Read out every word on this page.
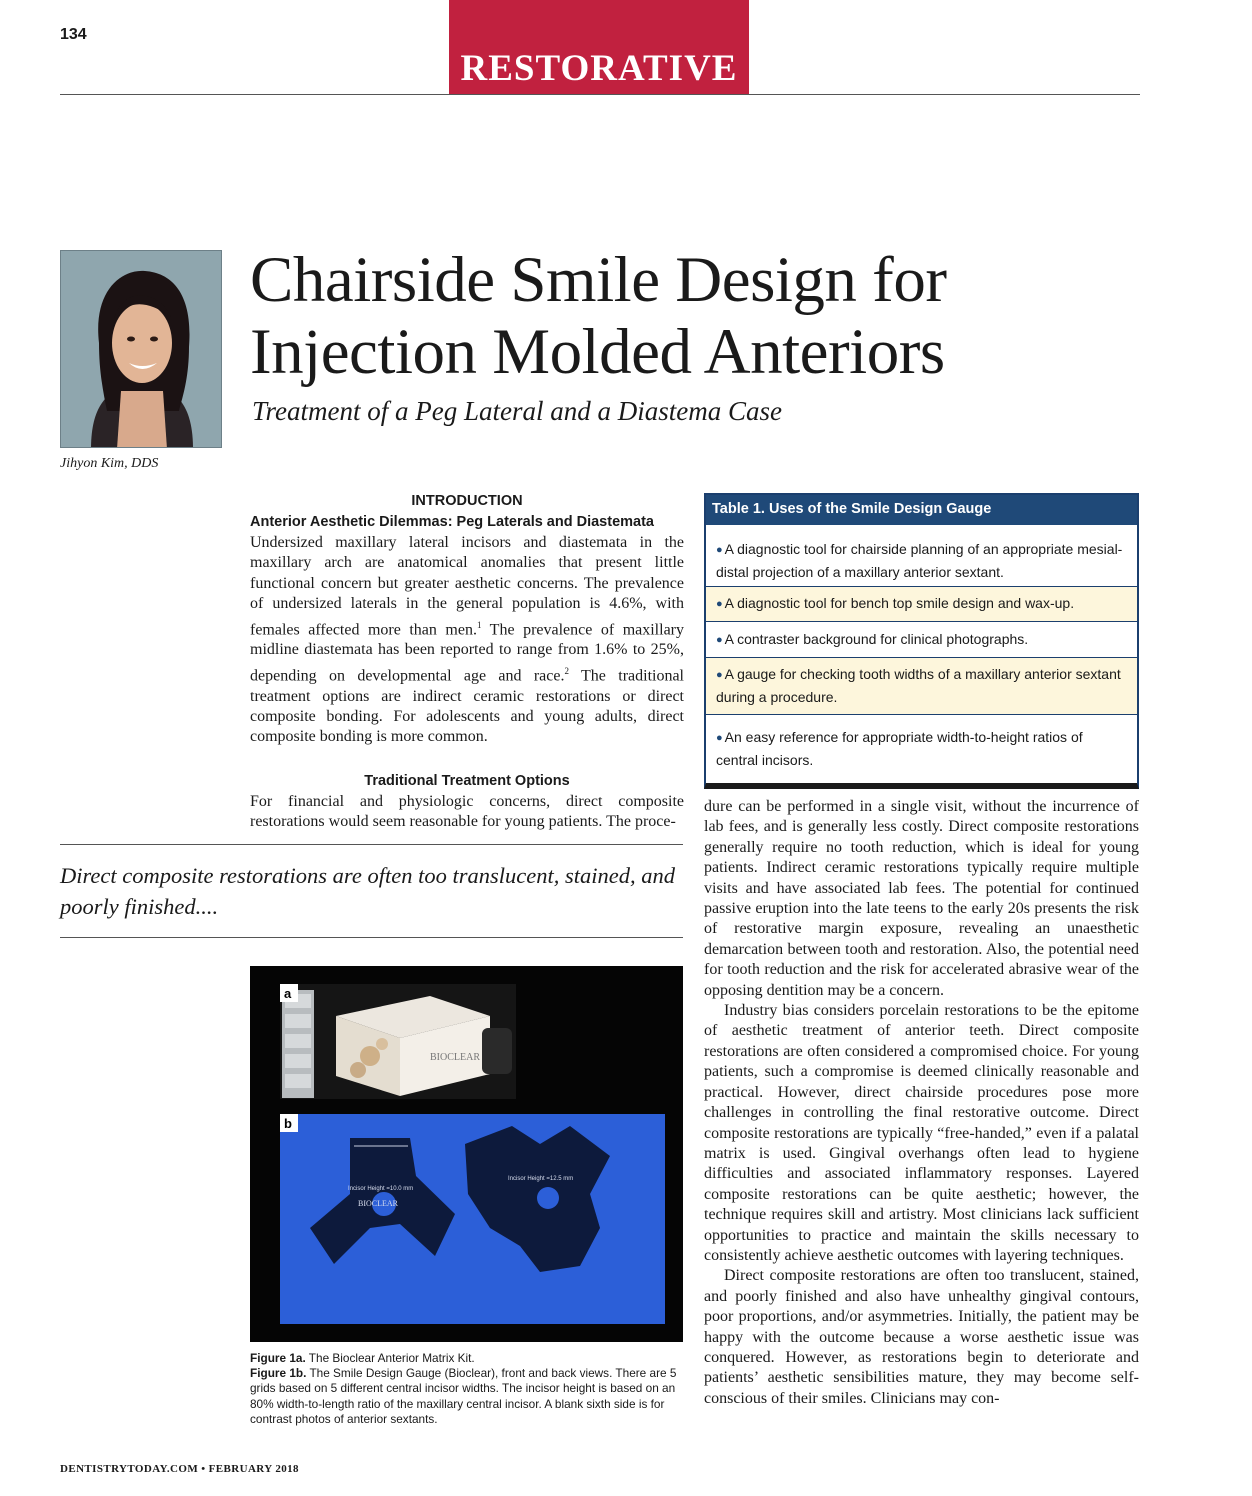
134
RESTORATIVE
Jihyon Kim, DDS
Chairside Smile Design for
Injection Molded Anteriors
Treatment of a Peg Lateral and a Diastema Case
INTRODUCTION
Anterior Aesthetic Dilemmas: Peg Laterals and Diastemata

Undersized maxillary lateral incisors and diastemata in the maxillary arch are anatomical anomalies that present little functional concern but greater aesthetic concerns. The prevalence of undersized laterals in the general population is 4.6%, with females affected more than men.$^1$ The prevalence of maxillary midline diastemata has been reported to range from 1.6% to 25%, depending on developmental age and race.$^2$ The traditional treatment options are indirect ceramic restorations or direct composite bonding. For adolescents and young adults, direct composite bonding is more common.

Traditional Treatment Options

For financial and physiologic concerns, direct composite restorations would seem reasonable for young patients. The proce-

Direct composite restorations are often too translucent, stained, and poorly finished....
BIOCLEAR
a
b
Incisor Height =10.0 mm
BIOCLEAR
Incisor Height =12.5 mm
Figure 1a. The Bioclear Anterior Matrix Kit.
Figure 1b. The Smile Design Gauge (Bioclear), front and back views. There are 5 grids based on 5 different central incisor widths. The incisor height is based on an 80% width-to-length ratio of the maxillary central incisor. A blank sixth side is for contrast photos of anterior sextants.
Table 1. Uses of the Smile Design Gauge
● A diagnostic tool for chairside planning of an appropriate mesial-distal projection of a maxillary anterior sextant.
● A diagnostic tool for bench top smile design and wax-up.
● A contraster background for clinical photographs.
● A gauge for checking tooth widths of a maxillary anterior sextant during a procedure.
● An easy reference for appropriate width-to-height ratios of central incisors.

dure can be performed in a single visit, without the incurrence of lab fees, and is generally less costly. Direct composite restorations generally require no tooth reduction, which is ideal for young patients. Indirect ceramic restorations typically require multiple visits and have associated lab fees. The potential for continued passive eruption into the late teens to the early 20s presents the risk of restorative margin exposure, revealing an unaesthetic demarcation between tooth and restoration. Also, the potential need for tooth reduction and the risk for accelerated abrasive wear of the opposing dentition may be a concern.

Industry bias considers porcelain restorations to be the epitome of aesthetic treatment of anterior teeth. Direct composite restorations are often considered a compromised choice. For young patients, such a compromise is deemed clinically reasonable and practical. However, direct chairside procedures pose more challenges in controlling the final restorative outcome. Direct composite restorations are typically “free-handed,” even if a palatal matrix is used. Gingival overhangs often lead to hygiene difficulties and associated inflammatory responses. Layered composite restorations can be quite aesthetic; however, the technique requires skill and artistry. Most clinicians lack sufficient opportunities to practice and maintain the skills necessary to consistently achieve aesthetic outcomes with layering techniques.

Direct composite restorations are often too translucent, stained, and poorly finished and also have unhealthy gingival contours, poor proportions, and/or asymmetries. Initially, the patient may be happy with the outcome because a worse aesthetic issue was conquered. However, as restorations begin to deteriorate and patients’ aesthetic sensibilities mature, they may become self-conscious of their smiles. Clinicians may con-

DENTISTRYTODAY.COM • FEBRUARY 2018
